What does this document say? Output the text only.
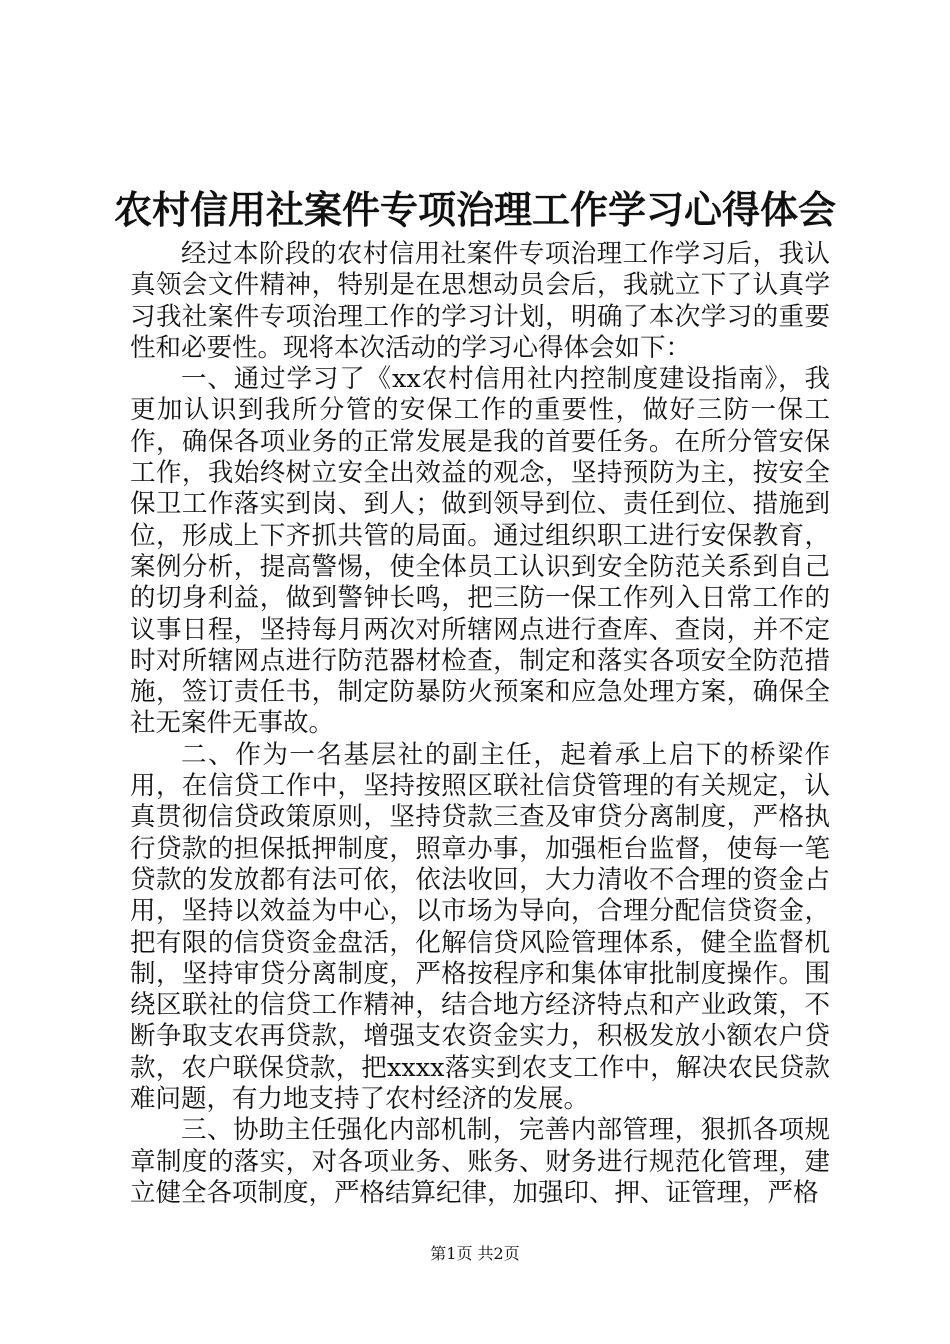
农村信用社案件专项治理工作学习心得体会

经过本阶段的农村信用社案件专项治理工作学习后，我认真领会文件精神，特别是在思想动员会后，我就立下了认真学习我社案件专项治理工作的学习计划，明确了本次学习的重要性和必要性。现将本次活动的学习心得体会如下：

一、通过学习了《xx农村信用社内控制度建设指南》，我更加认识到我所分管的安保工作的重要性，做好三防一保工作，确保各项业务的正常发展是我的首要任务。在所分管安保工作，我始终树立安全出效益的观念，坚持预防为主，按安全保卫工作落实到岗、到人；做到领导到位、责任到位、措施到位，形成上下齐抓共管的局面。通过组织职工进行安保教育，案例分析，提高警惕，使全体员工认识到安全防范关系到自己的切身利益，做到警钟长鸣，把三防一保工作列入日常工作的议事日程，坚持每月两次对所辖网点进行查库、查岗，并不定时对所辖网点进行防范器材检查，制定和落实各项安全防范措施，签订责任书，制定防暴防火预案和应急处理方案，确保全社无案件无事故。

二、作为一名基层社的副主任，起着承上启下的桥梁作用，在信贷工作中，坚持按照区联社信贷管理的有关规定，认真贯彻信贷政策原则，坚持贷款三查及审贷分离制度，严格执行贷款的担保抵押制度，照章办事，加强柜台监督，使每一笔贷款的发放都有法可依，依法收回，大力清收不合理的资金占用，坚持以效益为中心，以市场为导向，合理分配信贷资金，把有限的信贷资金盘活，化解信贷风险管理体系，健全监督机制，坚持审贷分离制度，严格按程序和集体审批制度操作。围绕区联社的信贷工作精神，结合地方经济特点和产业政策，不断争取支农再贷款，增强支农资金实力，积极发放小额农户贷款，农户联保贷款，把xxxx落实到农支工作中，解决农民贷款难问题，有力地支持了农村经济的发展。

三、协助主任强化内部机制，完善内部管理，狠抓各项规章制度的落实，对各项业务、账务、财务进行规范化管理，建立健全各项制度，严格结算纪律，加强印、押、证管理，严格

第1页 共2页
